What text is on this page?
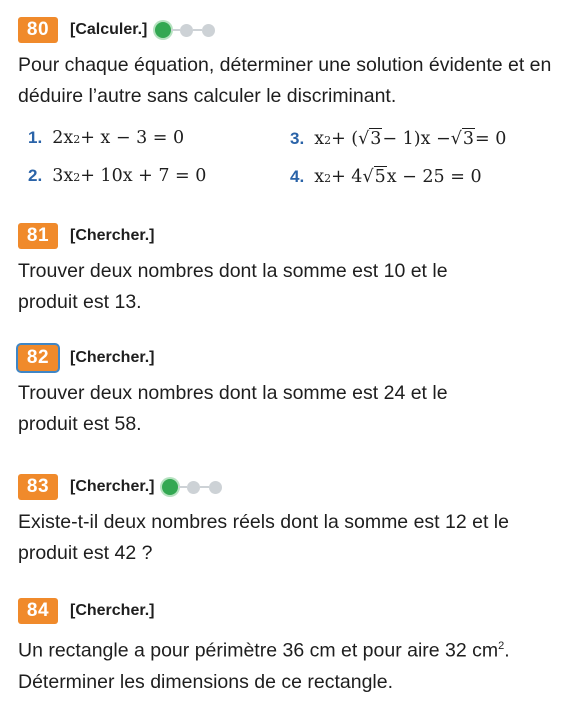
80	[Calculer.]
Pour chaque équation, déterminer une solution évidente et en déduire l’autre sans calculer le discriminant.
1. 2x 2 + x − 3 = 0	3. x 2 + ( √ 3 − 1)x − √ 3 = 0
2. 3x 2 + 10x + 7 = 0	4. x 2 + 4 √ 5 x − 25 = 0
81	[Chercher.]
Trouver deux nombres dont la somme est 10 et le produit est 13.
82	[Chercher.]
Trouver deux nombres dont la somme est 24 et le produit est 58.
83	[Chercher.]
Existe-t-il deux nombres réels dont la somme est 12 et le produit est 42 ?
84	[Chercher.]
Un rectangle a pour périmètre 36 cm et pour aire 32 $cm^2$. Déterminer les dimensions de ce rectangle.
